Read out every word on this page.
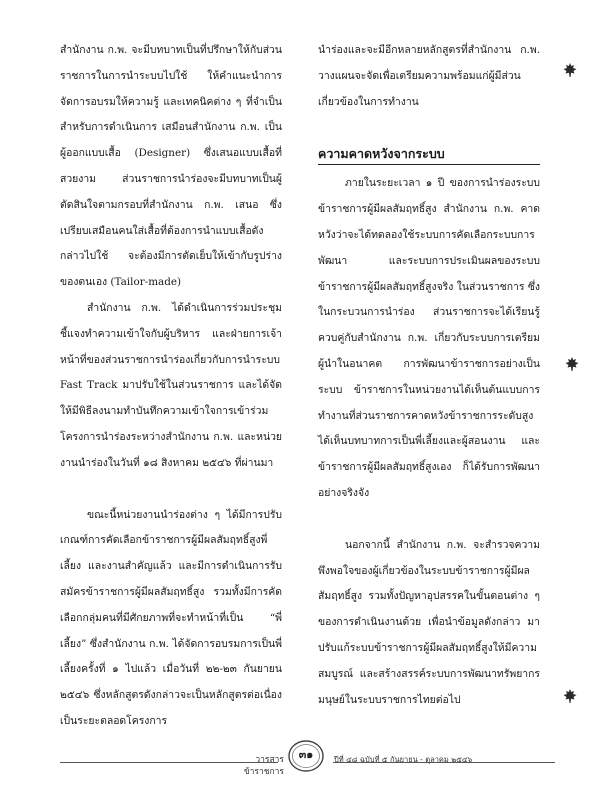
สำนักงาน ก.พ. จะมีบทบาทเป็นที่ปรึกษาให้กับส่วนราชการในการนำระบบไปใช้ ให้คำแนะนำการจัดการอบรมให้ความรู้ และเทคนิคต่าง ๆ ที่จำเป็นสำหรับการดำเนินการ เสมือนสำนักงาน ก.พ. เป็นผู้ออกแบบเสื้อ (Designer) ซึ่งเสนอแบบเสื้อที่สวยงาม ส่วนราชการนำร่องจะมีบทบาทเป็นผู้ตัดสินใจตามกรอบที่สำนักงาน ก.พ. เสนอ ซึ่งเปรียบเสมือนคนใส่เสื้อที่ต้องการนำแบบเสื้อดังกล่าวไปใช้ จะต้องมีการตัดเย็บให้เข้ากับรูปร่างของตนเอง (Tailor-made)

สำนักงาน ก.พ. ได้ดำเนินการร่วมประชุมชี้แจงทำความเข้าใจกับผู้บริหาร และฝ่ายการเจ้าหน้าที่ของส่วนราชการนำร่องเกี่ยวกับการนำระบบ Fast Track มาปรับใช้ในส่วนราชการ และได้จัดให้มีพิธีลงนามทำบันทึกความเข้าใจการเข้าร่วมโครงการนำร่องระหว่างสำนักงาน ก.พ. และหน่วยงานนำร่องในวันที่ ๑๘ สิงหาคม ๒๕๔๖ ที่ผ่านมา

ขณะนี้หน่วยงานนำร่องต่าง ๆ ได้มีการปรับเกณฑ์การคัดเลือกข้าราชการผู้มีผลสัมฤทธิ์สูงพี่เลี้ยง และงานสำคัญแล้ว และมีการดำเนินการรับสมัครข้าราชการผู้มีผลสัมฤทธิ์สูง รวมทั้งมีการคัดเลือกกลุ่มคนที่มีศักยภาพที่จะทำหน้าที่เป็น “พี่เลี้ยง” ซึ่งสำนักงาน ก.พ. ได้จัดการอบรมการเป็นพี่เลี้ยงครั้งที่ ๑ ไปแล้ว เมื่อวันที่ ๒๒-๒๓ กันยายน ๒๕๔๖ ซึ่งหลักสูตรดังกล่าวจะเป็นหลักสูตรต่อเนื่องเป็นระยะตลอดโครงการ

นำร่องและจะมีอีกหลายหลักสูตรที่สำนักงาน ก.พ. วางแผนจะจัดเพื่อเตรียมความพร้อมแก่ผู้มีส่วนเกี่ยวข้องในการทำงาน

ความคาดหวังจากระบบ

ภายในระยะเวลา ๑ ปี ของการนำร่องระบบข้าราชการผู้มีผลสัมฤทธิ์สูง สำนักงาน ก.พ. คาดหวังว่าจะได้ทดลองใช้ระบบการคัดเลือกระบบการพัฒนา และระบบการประเมินผลของระบบข้าราชการผู้มีผลสัมฤทธิ์สูงจริง ในส่วนราชการ ซึ่งในกระบวนการนำร่อง ส่วนราชการจะได้เรียนรู้ควบคู่กับสำนักงาน ก.พ. เกี่ยวกับระบบการเตรียมผู้นำในอนาคต การพัฒนาข้าราชการอย่างเป็นระบบ ข้าราชการในหน่วยงานได้เห็นต้นแบบการทำงานที่ส่วนราชการคาดหวังข้าราชการระดับสูงได้เห็นบทบาทการเป็นพี่เลี้ยงและผู้สอนงาน และข้าราชการผู้มีผลสัมฤทธิ์สูงเอง ก็ได้รับการพัฒนาอย่างจริงจัง

นอกจากนี้ สำนักงาน ก.พ. จะสำรวจความพึงพอใจของผู้เกี่ยวข้องในระบบข้าราชการผู้มีผลสัมฤทธิ์สูง รวมทั้งปัญหาอุปสรรคในขั้นตอนต่าง ๆ ของการดำเนินงานด้วย เพื่อนำข้อมูลดังกล่าว มาปรับแก้ระบบข้าราชการผู้มีผลสัมฤทธิ์สูงให้มีความสมบูรณ์ และสร้างสรรค์ระบบการพัฒนาทรัพยากรมนุษย์ในระบบราชการไทยต่อไป

วารสารข้าราชการ
๓๑	ปีที่ ๔๘ ฉบับที่ ๕ กันยายน - ตุลาคม ๒๕๔๖
